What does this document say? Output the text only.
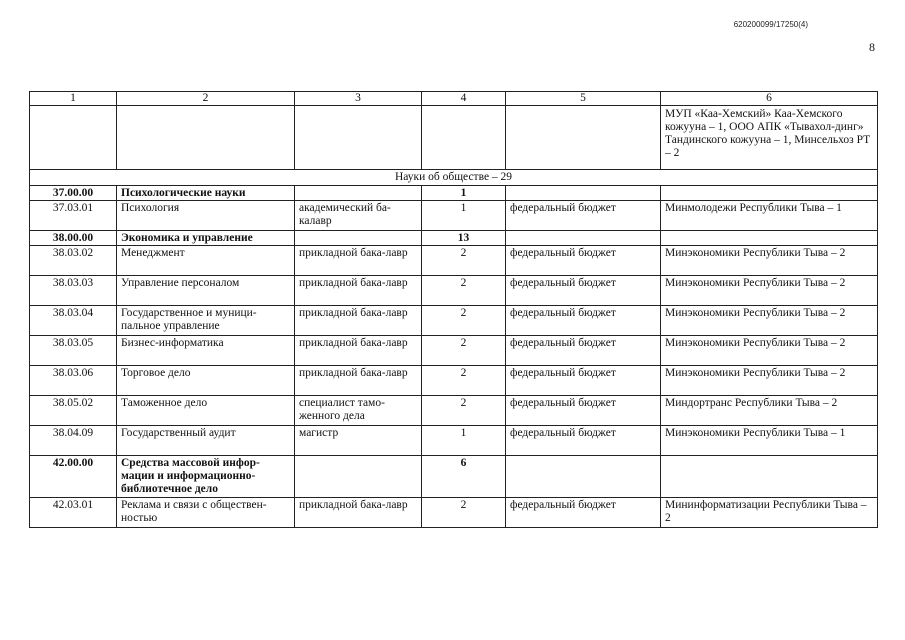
620200099/17250(4)
8
1	2	3	4	5	6
					МУП «Каа-Хемский» Каа-Хемского кожууна – 1, ООО АПК «Тывахол-динг» Тандинского кожууна – 1, Минсельхоз РТ – 2
Науки об обществе – 29					
37.00.00	Психологические науки		1		
37.03.01	Психология	академический ба-калавр	1	федеральный бюджет	Минмолодежи Республики Тыва – 1
38.00.00	Экономика и управление		13		
38.03.02	Менеджмент	прикладной бака-лавр	2	федеральный бюджет	Минэкономики Республики Тыва – 2
38.03.03	Управление персоналом	прикладной бака-лавр	2	федеральный бюджет	Минэкономики Республики Тыва – 2
38.03.04	Государственное и муници-пальное управление	прикладной бака-лавр	2	федеральный бюджет	Минэкономики Республики Тыва – 2
38.03.05	Бизнес-информатика	прикладной бака-лавр	2	федеральный бюджет	Минэкономики Республики Тыва – 2
38.03.06	Торговое дело	прикладной бака-лавр	2	федеральный бюджет	Минэкономики Республики Тыва – 2
38.05.02	Таможенное дело	специалист тамо-женного дела	2	федеральный бюджет	Миндортранс Республики Тыва – 2
38.04.09	Государственный аудит	магистр	1	федеральный бюджет	Минэкономики Республики Тыва – 1
42.00.00	Средства массовой инфор-мации и информационно-библиотечное дело		6		
42.03.01	Реклама и связи с обществен-ностью	прикладной бака-лавр	2	федеральный бюджет	Мининформатизации Республики Тыва – 2
